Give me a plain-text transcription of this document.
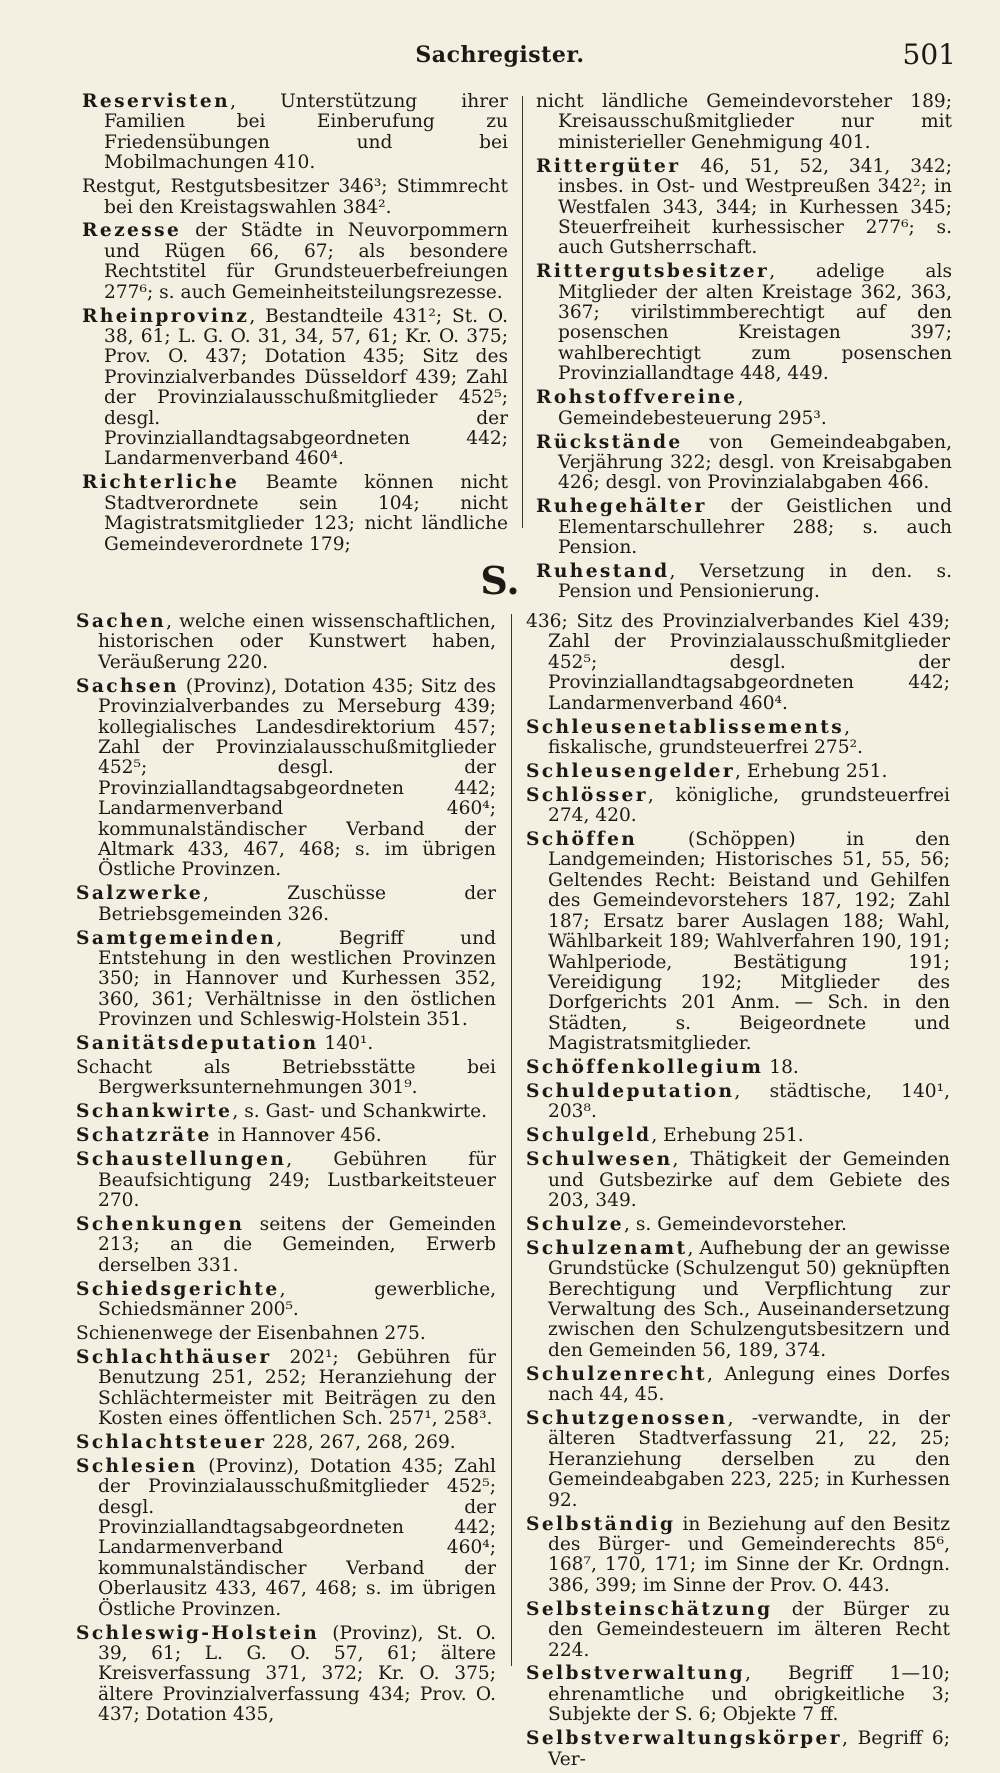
Sachregister.	501

Reservisten, Unterstützung ihrer Familien bei Einberufung zu Friedensübungen und bei Mobilmachungen 410.

Restgut, Restgutsbesitzer 346³; Stimmrecht bei den Kreistagswahlen 384².

Rezesse der Städte in Neuvorpommern und Rügen 66, 67; als besondere Rechtstitel für Grundsteuerbefreiungen 277⁶; s. auch Gemeinheitsteilungsrezesse.

Rheinprovinz, Bestandteile 431²; St. O. 38, 61; L. G. O. 31, 34, 57, 61; Kr. O. 375; Prov. O. 437; Dotation 435; Sitz des Provinzialverbandes Düsseldorf 439; Zahl der Provinzialausschußmitglieder 452⁵; desgl. der Provinziallandtagsabgeordneten 442; Landarmenverband 460⁴.

Richterliche Beamte können nicht Stadtverordnete sein 104; nicht Magistratsmitglieder 123; nicht ländliche Gemeindeverordnete 179;

nicht ländliche Gemeindevorsteher 189; Kreisausschußmitglieder nur mit ministerieller Genehmigung 401.

Rittergüter 46, 51, 52, 341, 342; insbes. in Ost- und Westpreußen 342²; in Westfalen 343, 344; in Kurhessen 345; Steuerfreiheit kurhessischer 277⁶; s. auch Gutsherrschaft.

Rittergutsbesitzer, adelige als Mitglieder der alten Kreistage 362, 363, 367; virilstimmberechtigt auf den posenschen Kreistagen 397; wahlberechtigt zum posenschen Provinziallandtage 448, 449.

Rohstoffvereine, Gemeindebesteuerung 295³.

Rückstände von Gemeindeabgaben, Verjährung 322; desgl. von Kreisabgaben 426; desgl. von Provinzialabgaben 466.

Ruhegehälter der Geistlichen und Elementarschullehrer 288; s. auch Pension.

Ruhestand, Versetzung in den. s. Pension und Pensionierung.

S.

Sachen, welche einen wissenschaftlichen, historischen oder Kunstwert haben, Veräußerung 220.

Sachsen (Provinz), Dotation 435; Sitz des Provinzialverbandes zu Merseburg 439; kollegialisches Landesdirektorium 457; Zahl der Provinzialausschußmitglieder 452⁵; desgl. der Provinziallandtagsabgeordneten 442; Landarmenverband 460⁴; kommunalständischer Verband der Altmark 433, 467, 468; s. im übrigen Östliche Provinzen.

Salzwerke, Zuschüsse der Betriebsgemeinden 326.

Samtgemeinden, Begriff und Entstehung in den westlichen Provinzen 350; in Hannover und Kurhessen 352, 360, 361; Verhältnisse in den östlichen Provinzen und Schleswig-Holstein 351.

Sanitätsdeputation 140¹.

Schacht als Betriebsstätte bei Bergwerksunternehmungen 301⁹.

Schankwirte, s. Gast- und Schankwirte.

Schatzräte in Hannover 456.

Schaustellungen, Gebühren für Beaufsichtigung 249; Lustbarkeitsteuer 270.

Schenkungen seitens der Gemeinden 213; an die Gemeinden, Erwerb derselben 331.

Schiedsgerichte, gewerbliche, Schiedsmänner 200⁵.

Schienenwege der Eisenbahnen 275.

Schlachthäuser 202¹; Gebühren für Benutzung 251, 252; Heranziehung der Schlächtermeister mit Beiträgen zu den Kosten eines öffentlichen Sch. 257¹, 258³.

Schlachtsteuer 228, 267, 268, 269.

Schlesien (Provinz), Dotation 435; Zahl der Provinzialausschußmitglieder 452⁵; desgl. der Provinziallandtagsabgeordneten 442; Landarmenverband 460⁴; kommunalständischer Verband der Oberlausitz 433, 467, 468; s. im übrigen Östliche Provinzen.

Schleswig-Holstein (Provinz), St. O. 39, 61; L. G. O. 57, 61; ältere Kreisverfassung 371, 372; Kr. O. 375; ältere Provinzialverfassung 434; Prov. O. 437; Dotation 435,

436; Sitz des Provinzialverbandes Kiel 439; Zahl der Provinzialausschußmitglieder 452⁵; desgl. der Provinziallandtagsabgeordneten 442; Landarmenverband 460⁴.

Schleusenetablissements, fiskalische, grundsteuerfrei 275².

Schleusengelder, Erhebung 251.

Schlösser, königliche, grundsteuerfrei 274, 420.

Schöffen (Schöppen) in den Landgemeinden; Historisches 51, 55, 56; Geltendes Recht: Beistand und Gehilfen des Gemeindevorstehers 187, 192; Zahl 187; Ersatz barer Auslagen 188; Wahl, Wählbarkeit 189; Wahlverfahren 190, 191; Wahlperiode, Bestätigung 191; Vereidigung 192; Mitglieder des Dorfgerichts 201 Anm. — Sch. in den Städten, s. Beigeordnete und Magistratsmitglieder.

Schöffenkollegium 18.

Schuldeputation, städtische, 140¹, 203⁸.

Schulgeld, Erhebung 251.

Schulwesen, Thätigkeit der Gemeinden und Gutsbezirke auf dem Gebiete des 203, 349.

Schulze, s. Gemeindevorsteher.

Schulzenamt, Aufhebung der an gewisse Grundstücke (Schulzengut 50) geknüpften Berechtigung und Verpflichtung zur Verwaltung des Sch., Auseinandersetzung zwischen den Schulzengutsbesitzern und den Gemeinden 56, 189, 374.

Schulzenrecht, Anlegung eines Dorfes nach 44, 45.

Schutzgenossen, -verwandte, in der älteren Stadtverfassung 21, 22, 25; Heranziehung derselben zu den Gemeindeabgaben 223, 225; in Kurhessen 92.

Selbständig in Beziehung auf den Besitz des Bürger- und Gemeinderechts 85⁶, 168⁷, 170, 171; im Sinne der Kr. Ordngn. 386, 399; im Sinne der Prov. O. 443.

Selbsteinschätzung der Bürger zu den Gemeindesteuern im älteren Recht 224.

Selbstverwaltung, Begriff 1—10; ehrenamtliche und obrigkeitliche 3; Subjekte der S. 6; Objekte 7 ff.

Selbstverwaltungskörper, Begriff 6; Ver-
